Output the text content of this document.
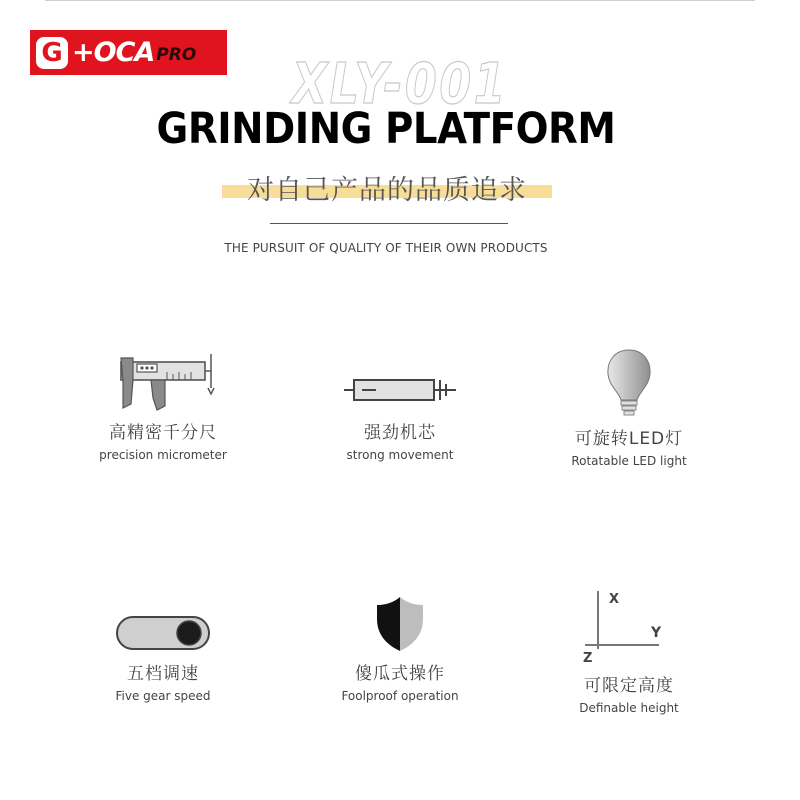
G +OCA PRO	XLY-001
GRINDING PLATFORM
对自己产品的品质追求
THE PURSUIT OF QUALITY OF THEIR OWN PRODUCTS
高精密千分尺
precision micrometer
强劲机芯
strong movement
可旋转LED灯
Rotatable LED light
五档调速
Five gear speed
傻瓜式操作
Foolproof operation
X
Y
Z
可限定高度
Definable height
